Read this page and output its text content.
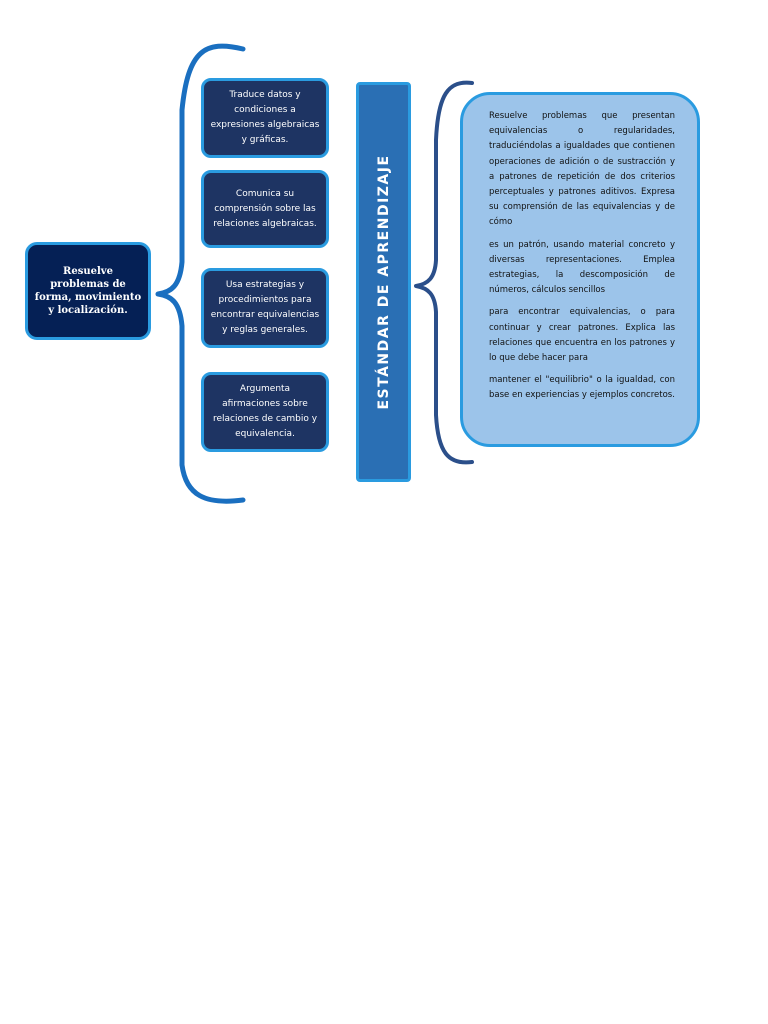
Resuelve problemas de forma, movimiento y localización.
Traduce datos y condiciones a expresiones algebraicas y gráficas.
Comunica su comprensión sobre las relaciones algebraicas.
Usa estrategias y procedimientos para encontrar equivalencias y reglas generales.
Argumenta afirmaciones sobre relaciones de cambio y equivalencia.
ESTÁNDAR DE APRENDIZAJE

Resuelve problemas que presentan equivalencias o regularidades, traduciéndolas a igualdades que contienen operaciones de adición o de sustracción y a patrones de repetición de dos criterios perceptuales y patrones aditivos. Expresa su comprensión de las equivalencias y de cómo

es un patrón, usando material concreto y diversas representaciones. Emplea estrategias, la descomposición de números, cálculos sencillos

para encontrar equivalencias, o para continuar y crear patrones. Explica las relaciones que encuentra en los patrones y lo que debe hacer para

mantener el "equilibrio" o la igualdad, con base en experiencias y ejemplos concretos.
